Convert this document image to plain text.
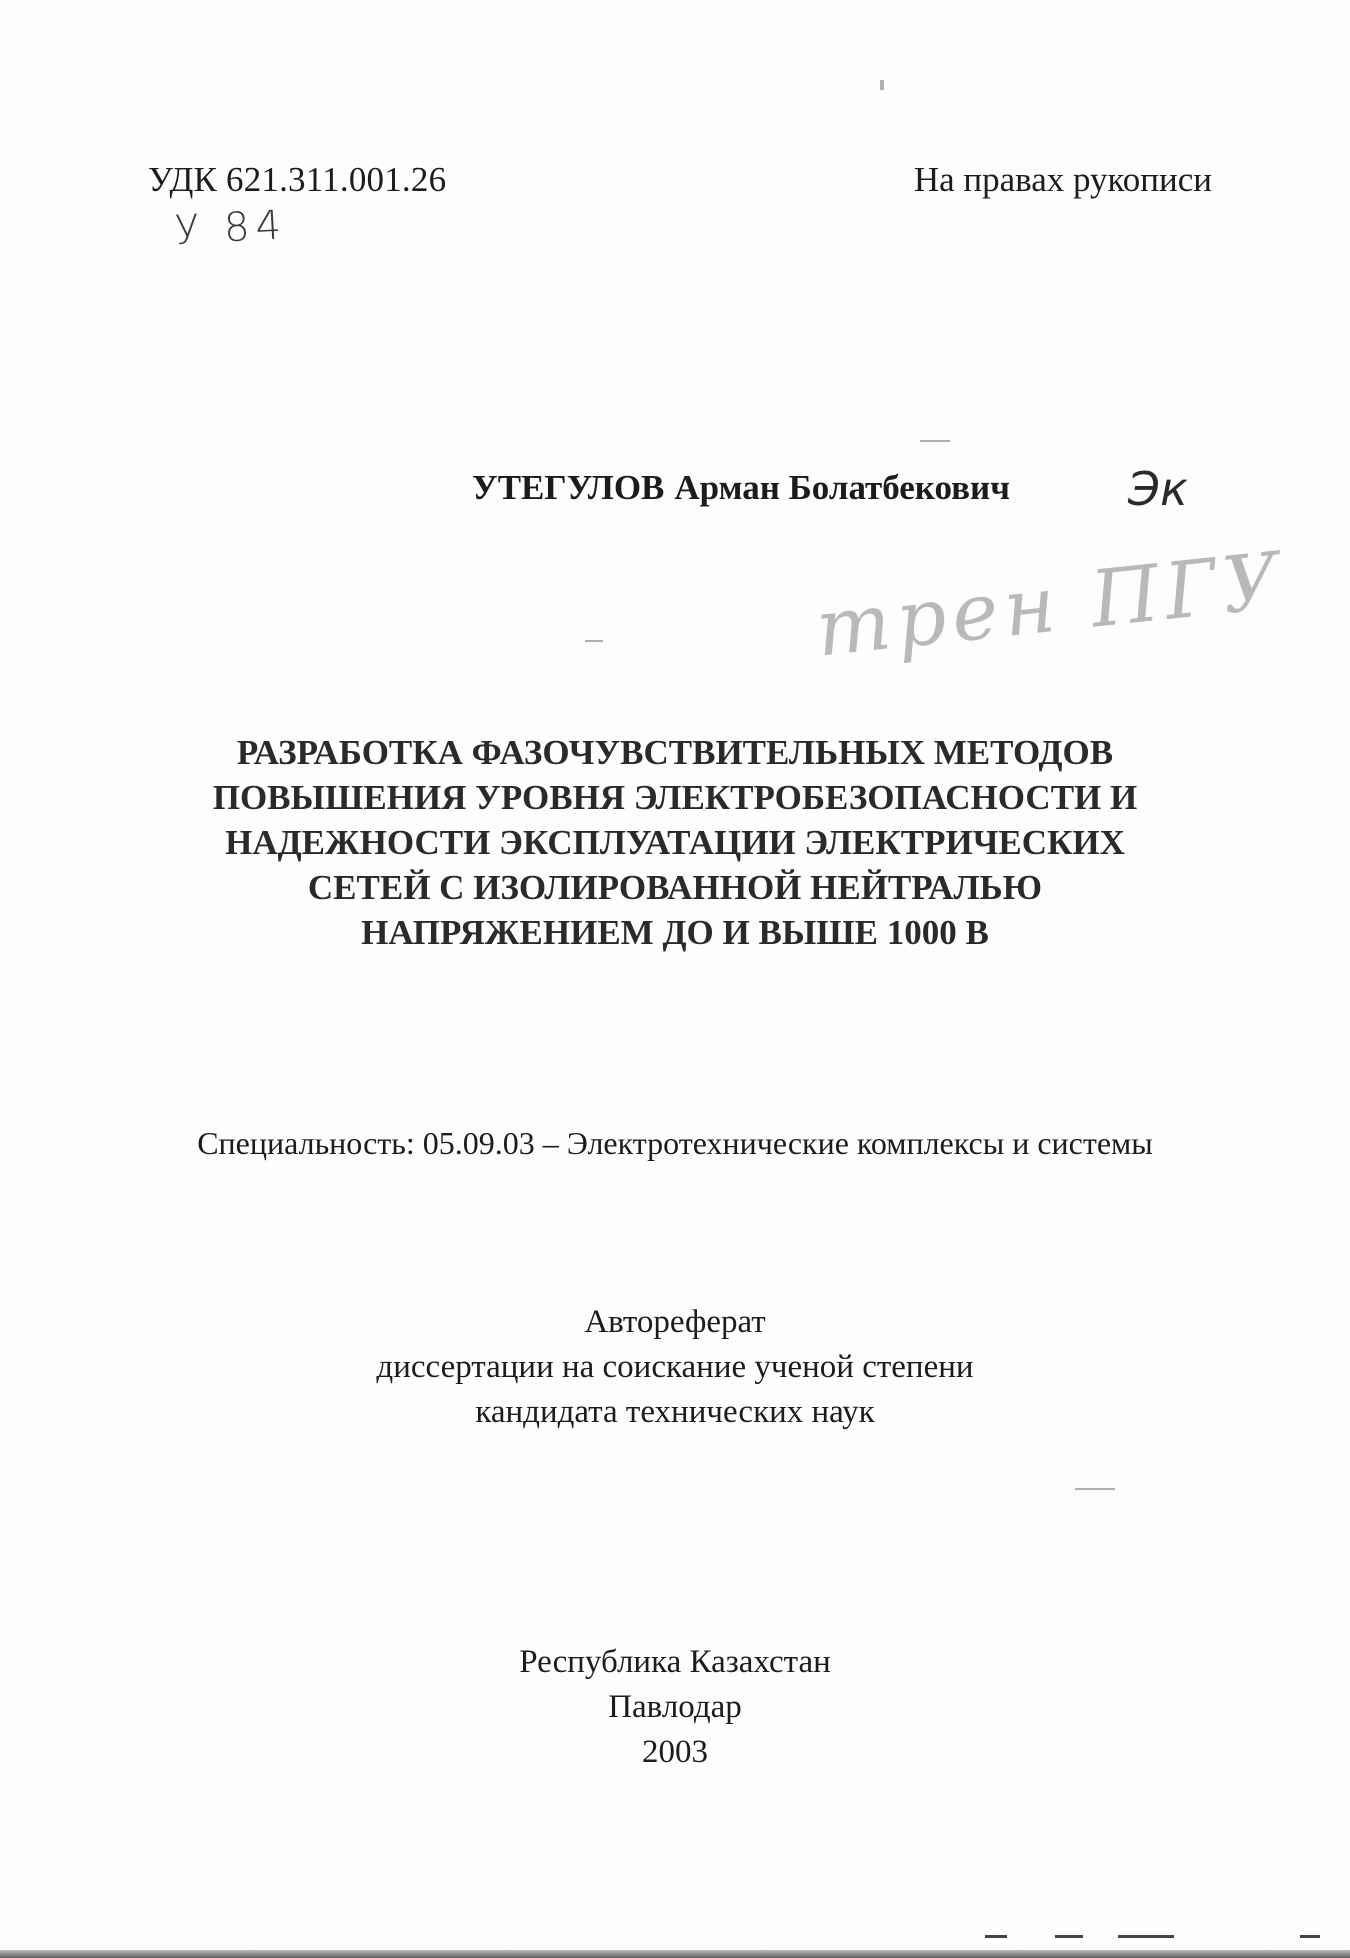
УДК 621.311.001.26	На правах рукописи
У 84
УТЕГУЛОВ Арман Болатбекович	Эк
трен ПГУ
РАЗРАБОТКА ФАЗОЧУВСТВИТЕЛЬНЫХ МЕТОДОВ
ПОВЫШЕНИЯ УРОВНЯ ЭЛЕКТРОБЕЗОПАСНОСТИ И
НАДЕЖНОСТИ ЭКСПЛУАТАЦИИ ЭЛЕКТРИЧЕСКИХ
СЕТЕЙ С ИЗОЛИРОВАННОЙ НЕЙТРАЛЬЮ
НАПРЯЖЕНИЕМ ДО И ВЫШЕ 1000 В
Специальность: 05.09.03 – Электротехнические комплексы и системы
Автореферат
диссертации на соискание ученой степени
кандидата технических наук
Республика Казахстан
Павлодар
2003
